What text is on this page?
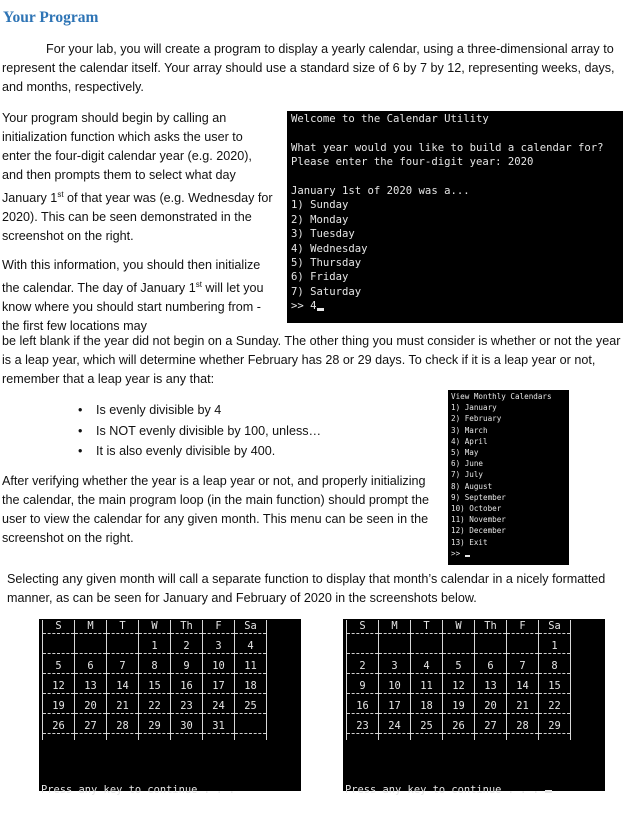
Your Program

For your lab, you will create a program to display a yearly calendar, using a three-dimensional array to represent the calendar itself. Your array should use a standard size of 6 by 7 by 12, representing weeks, days, and months, respectively.

Your program should begin by calling an initialization function which asks the user to enter the four-digit calendar year (e.g. 2020), and then prompts them to select what day January 1st of that year was (e.g. Wednesday for 2020). This can be seen demonstrated in the screenshot on the right.

With this information, you should then initialize the calendar. The day of January 1st will let you know where you should start numbering from - the first few locations may

be left blank if the year did not begin on a Sunday. The other thing you must consider is whether or not the year is a leap year, which will determine whether February has 28 or 29 days. To check if it is a leap year or not, remember that a leap year is any that:

• Is evenly divisible by 4
• Is NOT evenly divisible by 100, unless…
• It is also evenly divisible by 400.

After verifying whether the year is a leap year or not, and properly initializing the calendar, the main program loop (in the main function) should prompt the user to view the calendar for any given month. This menu can be seen in the screenshot on the right.

Selecting any given month will call a separate function to display that month’s calendar in a nicely formatted manner, as can be seen for January and February of 2020 in the screenshots below.

Welcome to the Calendar Utility

What year would you like to build a calendar for?
Please enter the four-digit year: 2020

January 1st of 2020 was a...
1) Sunday
2) Monday
3) Tuesday
4) Wednesday
5) Thursday
6) Friday
7) Saturday
>> 4
View Monthly Calendars
1) January
2) February
3) March
4) April
5) May
6) June
7) July
8) August
9) September
10) October
11) November
12) December
13) Exit
>>
S	M	T	W	Th	F	Sa

			1	2	3	4

5	6	7	8	9	10	11

12	13	14	15	16	17	18

19	20	21	22	23	24	25

26	27	28	29	30	31	

Press any key to continue . . .
S	M	T	W	Th	F	Sa

						1

2	3	4	5	6	7	8

9	10	11	12	13	14	15

16	17	18	19	20	21	22

23	24	25	26	27	28	29

Press any key to continue . . .
